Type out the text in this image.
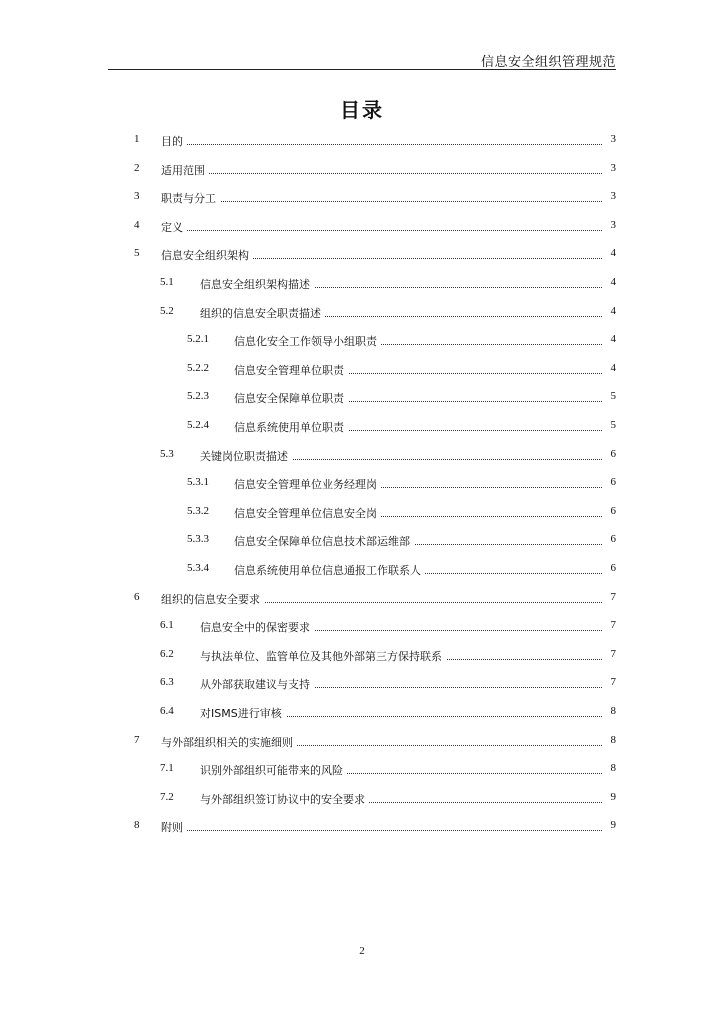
信息安全组织管理规范
目录
1 目的	3
2 适用范围	3
3 职责与分工	3
4 定义	3
5 信息安全组织架构	4
5.1 信息安全组织架构描述	4
5.2 组织的信息安全职责描述	4
5.2.1 信息化安全工作领导小组职责	4
5.2.2 信息安全管理单位职责	4
5.2.3 信息安全保障单位职责	5
5.2.4 信息系统使用单位职责	5
5.3 关键岗位职责描述	6
5.3.1 信息安全管理单位业务经理岗	6
5.3.2 信息安全管理单位信息安全岗	6
5.3.3 信息安全保障单位信息技术部运维部	6
5.3.4 信息系统使用单位信息通报工作联系人	6
6 组织的信息安全要求	7
6.1 信息安全中的保密要求	7
6.2 与执法单位、监管单位及其他外部第三方保持联系	7
6.3 从外部获取建议与支持	7
6.4 对ISMS进行审核	8
7 与外部组织相关的实施细则	8
7.1 识别外部组织可能带来的风险	8
7.2 与外部组织签订协议中的安全要求	9
8 附则	9
2
